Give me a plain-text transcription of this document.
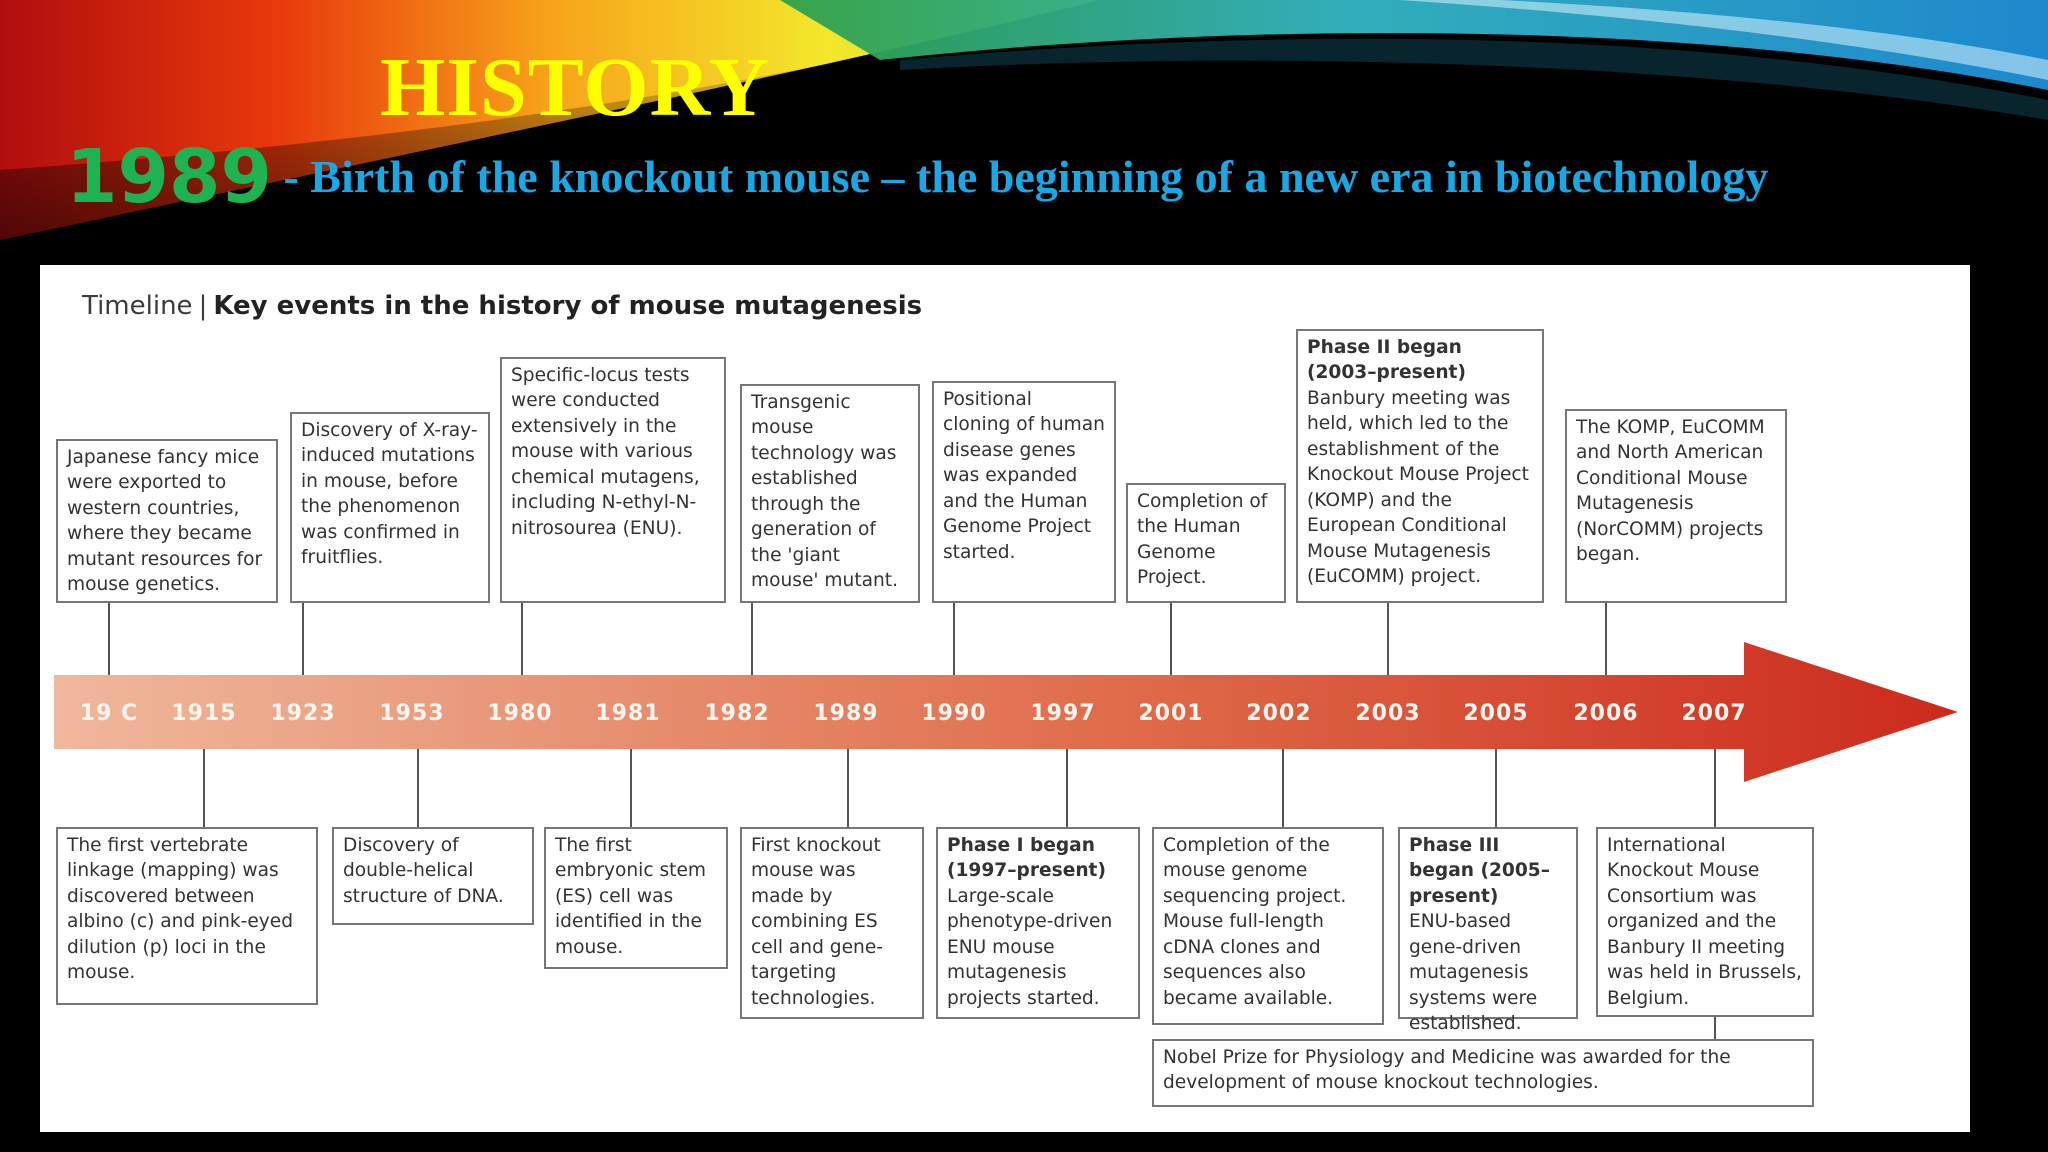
HISTORY
1989 - Birth of the knockout mouse – the beginning of a new era in biotechnology
Timeline | Key events in the history of mouse mutagenesis
19 C	1915	1923	1953	1980	1981	1982	1989	1990	1997	2001	2002	2003	2005	2006	2007
Japanese fancy mice were exported to western countries, where they became mutant resources for mouse genetics.
Discovery of X-ray-induced mutations in mouse, before the phenomenon was confirmed in fruitflies.
Specific-locus tests were conducted extensively in the mouse with various chemical mutagens, including N-ethyl-N-nitrosourea (ENU).
Transgenic mouse technology was established through the generation of the 'giant mouse' mutant.
Positional cloning of human disease genes was expanded and the Human Genome Project started.
Completion of the Human Genome Project.
Phase II began (2003–present)
Banbury meeting was held, which led to the establishment of the Knockout Mouse Project (KOMP) and the European Conditional Mouse Mutagenesis (EuCOMM) project.
The KOMP, EuCOMM and North American Conditional Mouse Mutagenesis (NorCOMM) projects began.
The first vertebrate linkage (mapping) was discovered between albino (c) and pink-eyed dilution (p) loci in the mouse.
Discovery of double-helical structure of DNA.
The first embryonic stem (ES) cell was identified in the mouse.
First knockout mouse was made by combining ES cell and gene-targeting technologies.
Phase I began (1997–present)
Large-scale phenotype-driven ENU mouse mutagenesis projects started.
Completion of the mouse genome sequencing project. Mouse full-length cDNA clones and sequences also became available.
Phase III began (2005–present)
ENU-based gene-driven mutagenesis systems were established.
International Knockout Mouse Consortium was organized and the Banbury II meeting was held in Brussels, Belgium.
Nobel Prize for Physiology and Medicine was awarded for the development of mouse knockout technologies.
